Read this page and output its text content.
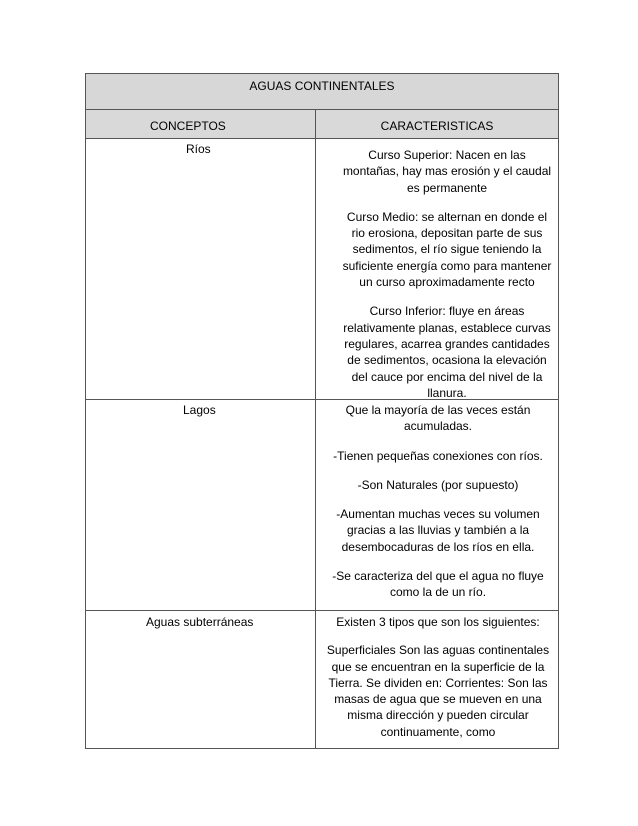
AGUAS CONTINENTALES
CONCEPTOS	CARACTERISTICAS
Ríos	Curso Superior: Nacen en las montañas, hay mas erosión y el caudal es permanente

Curso Medio: se alternan en donde el rio erosiona, depositan parte de sus sedimentos, el río sigue teniendo la suficiente energía como para mantener un curso aproximadamente recto

Curso Inferior: fluye en áreas relativamente planas, establece curvas regulares, acarrea grandes cantidades de sedimentos, ocasiona la elevación del cauce por encima del nivel de la llanura.

Lagos	Que la mayoría de las veces están acumuladas.

-Tienen pequeñas conexiones con ríos.

-Son Naturales (por supuesto)

-Aumentan muchas veces su volumen gracias a las lluvias y también a la desembocaduras de los ríos en ella.

-Se caracteriza del que el agua no fluye como la de un río.

Aguas subterráneas	Existen 3 tipos que son los siguientes:

Superficiales Son las aguas continentales que se encuentran en la superficie de la Tierra. Se dividen en: Corrientes: Son las masas de agua que se mueven en una misma dirección y pueden circular continuamente, como
